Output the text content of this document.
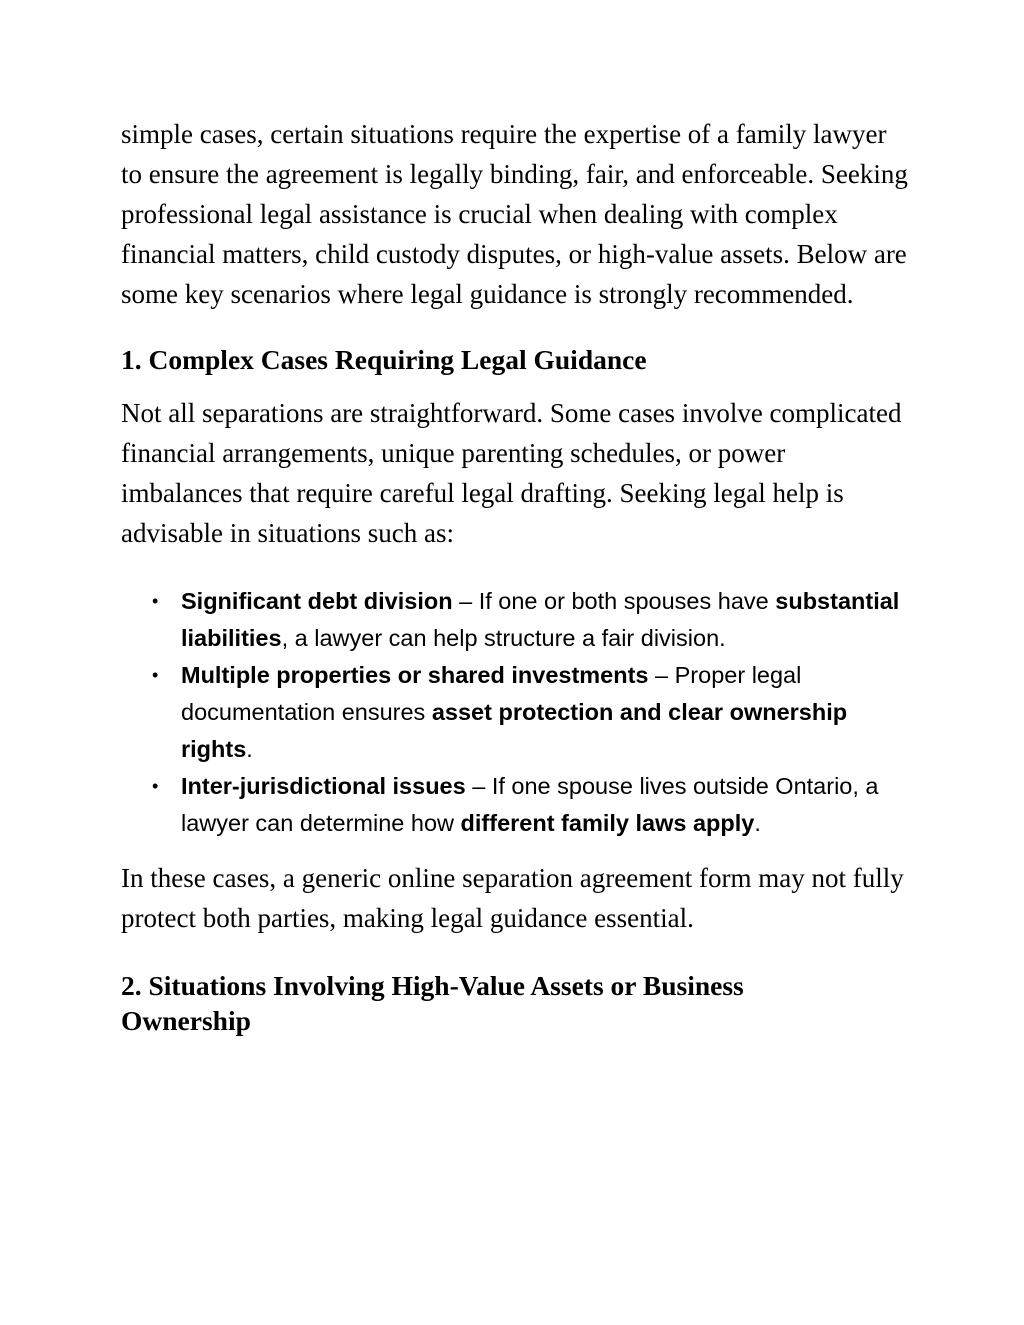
simple cases, certain situations require the expertise of a family lawyer to ensure the agreement is legally binding, fair, and enforceable. Seeking professional legal assistance is crucial when dealing with complex financial matters, child custody disputes, or high-value assets. Below are some key scenarios where legal guidance is strongly recommended.

1. Complex Cases Requiring Legal Guidance

Not all separations are straightforward. Some cases involve complicated financial arrangements, unique parenting schedules, or power imbalances that require careful legal drafting. Seeking legal help is advisable in situations such as:

• Significant debt division – If one or both spouses have substantial liabilities, a lawyer can help structure a fair division.
• Multiple properties or shared investments – Proper legal documentation ensures asset protection and clear ownership rights.
• Inter-jurisdictional issues – If one spouse lives outside Ontario, a lawyer can determine how different family laws apply.

In these cases, a generic online separation agreement form may not fully protect both parties, making legal guidance essential.

2. Situations Involving High-Value Assets or Business Ownership
